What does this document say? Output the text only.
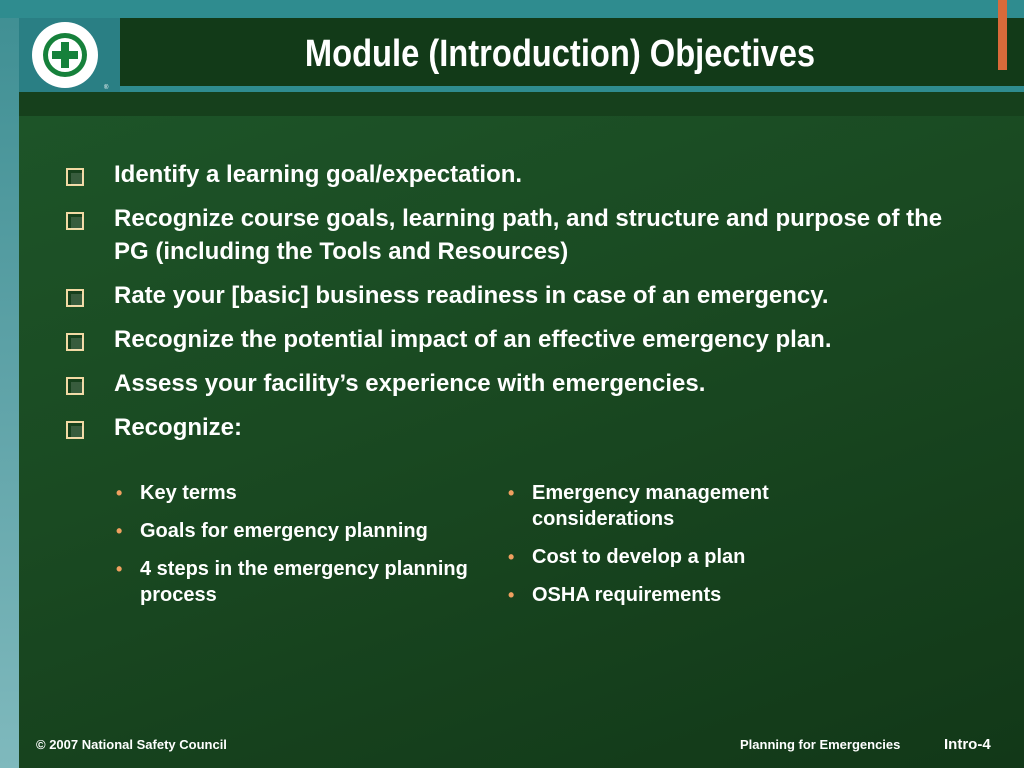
®
Module (Introduction) Objectives
Identify a learning goal/expectation.
Recognize course goals, learning path, and structure and purpose of the PG (including the Tools and Resources)
Rate your [basic] business readiness in case of an emergency.
Recognize the potential impact of an effective emergency plan.
Assess your facility’s experience with emergencies.
Recognize:
• Key terms
• Goals for emergency planning
• 4 steps in the emergency planning process
• Emergency management considerations
• Cost to develop a plan
• OSHA requirements
© 2007 National Safety Council	Planning for Emergencies	Intro-4
